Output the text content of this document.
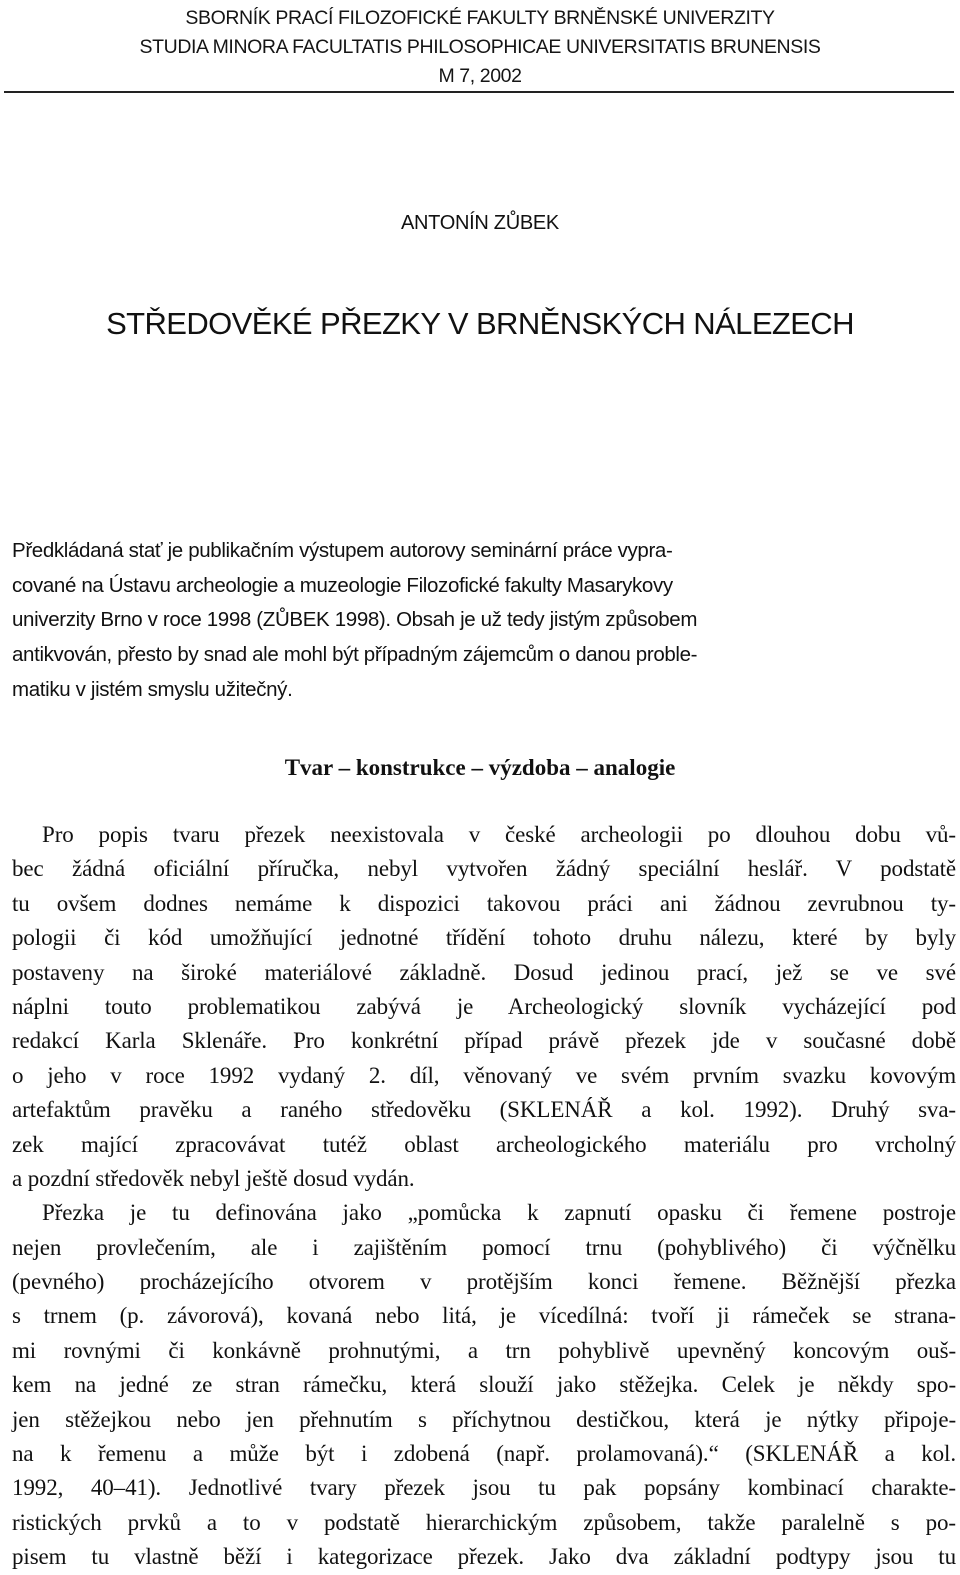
SBORNÍK PRACÍ FILOZOFICKÉ FAKULTY BRNĚNSKÉ UNIVERZITY
STUDIA MINORA FACULTATIS PHILOSOPHICAE UNIVERSITATIS BRUNENSIS
M 7, 2002
ANTONÍN ZŮBEK
STŘEDOVĚKÉ PŘEZKY V BRNĚNSKÝCH NÁLEZECH
Předkládaná stať je publikačním výstupem autorovy seminární práce vypra-
cované na Ústavu archeologie a muzeologie Filozofické fakulty Masarykovy
univerzity Brno v roce 1998 (ZŮBEK 1998). Obsah je už tedy jistým způsobem
antikvován, přesto by snad ale mohl být případným zájemcům o danou proble-
matiku v jistém smyslu užitečný.
Tvar – konstrukce – výzdoba – analogie
Pro popis tvaru přezek neexistovala v české archeologii po dlouhou dobu vů-
bec žádná oficiální příručka, nebyl vytvořen žádný speciální heslář. V podstatě
tu ovšem dodnes nemáme k dispozici takovou práci ani žádnou zevrubnou ty-
pologii či kód umožňující jednotné třídění tohoto druhu nálezu, které by byly
postaveny na široké materiálové základně. Dosud jedinou prací, jež se ve své
náplni touto problematikou zabývá je Archeologický slovník vycházející pod
redakcí Karla Sklenáře. Pro konkrétní případ právě přezek jde v současné době
o jeho v roce 1992 vydaný 2. díl, věnovaný ve svém prvním svazku kovovým
artefaktům pravěku a raného středověku (SKLENÁŘ a kol. 1992). Druhý sva-
zek mající zpracovávat tutéž oblast archeologického materiálu pro vrcholný
a pozdní středověk nebyl ještě dosud vydán.
Přezka je tu definována jako „pomůcka k zapnutí opasku či řemene postroje
nejen provlečením, ale i zajištěním pomocí trnu (pohyblivého) či výčnělku
(pevného) procházejícího otvorem v protějším konci řemene. Běžnější přezka
s trnem (p. závorová), kovaná nebo litá, je vícedílná: tvoří ji rámeček se strana-
mi rovnými či konkávně prohnutými, a trn pohyblivě upevněný koncovým ouš-
kem na jedné ze stran rámečku, která slouží jako stěžejka. Celek je někdy spo-
jen stěžejkou nebo jen přehnutím s příchytnou destičkou, která je nýtky připoje-
na k řemenu a může být i zdobená (např. prolamovaná).“ (SKLENÁŘ a kol.
1992, 40–41). Jednotlivé tvary přezek jsou tu pak popsány kombinací charakte-
ristických prvků a to v podstatě hierarchickým způsobem, takže paralelně s po-
pisem tu vlastně běží i kategorizace přezek. Jako dva základní podtypy jsou tu
